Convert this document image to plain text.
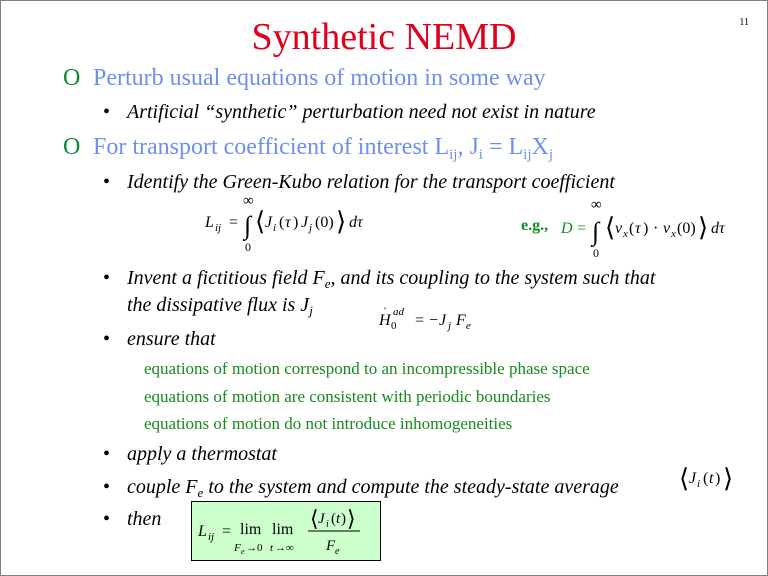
Synthetic NEMD	11
O Perturb usual equations of motion in some way
• Artificial “synthetic” perturbation need not exist in nature
O For transport coefficient of interest $L_{ij}$, $J_i = L_{ij}X_j$
• Identify the Green-Kubo relation for the transport coefficient
L ij =
∞
∫
0
⟨ J i ( τ ) J j (0) ⟩ dτ	e.g., D =
∞
∫
0
⟨ v x ( τ ) · v x (0) ⟩ dτ
• Invent a fictitious field $F_e$, and its coupling to the system such that
the dissipative flux is $J_j$
H
·
0
ad = − J j F e
• ensure that
equations of motion correspond to an incompressible phase space
equations of motion are consistent with periodic boundaries
equations of motion do not introduce inhomogeneities
• apply a thermostat
• couple $F_e$ to the system and compute the steady-state average ⟨ J i ( t ) ⟩
• then
L ij = lim
F e →0
lim
t →∞
⟨ J i ( t ) ⟩
F e
